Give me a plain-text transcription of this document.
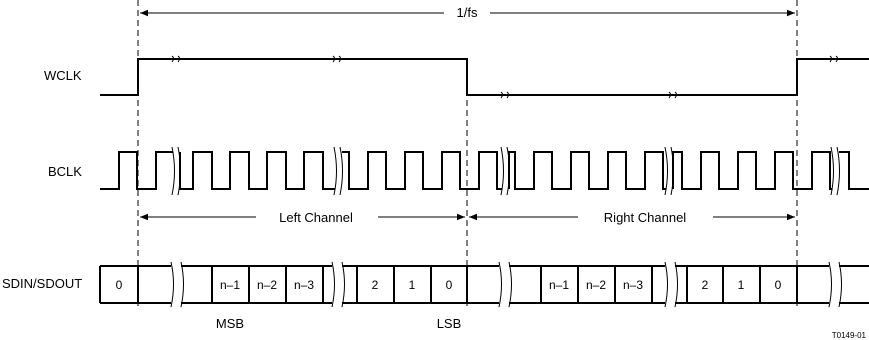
1/fs
WCLK
BCLK
SDIN/SDOUT
Left Channel	Right Channel
0	n–1 n–2 n–3	2	1	0	n–1 n–2 n–3	2 1	0
MSB	LSB
T0149-01
